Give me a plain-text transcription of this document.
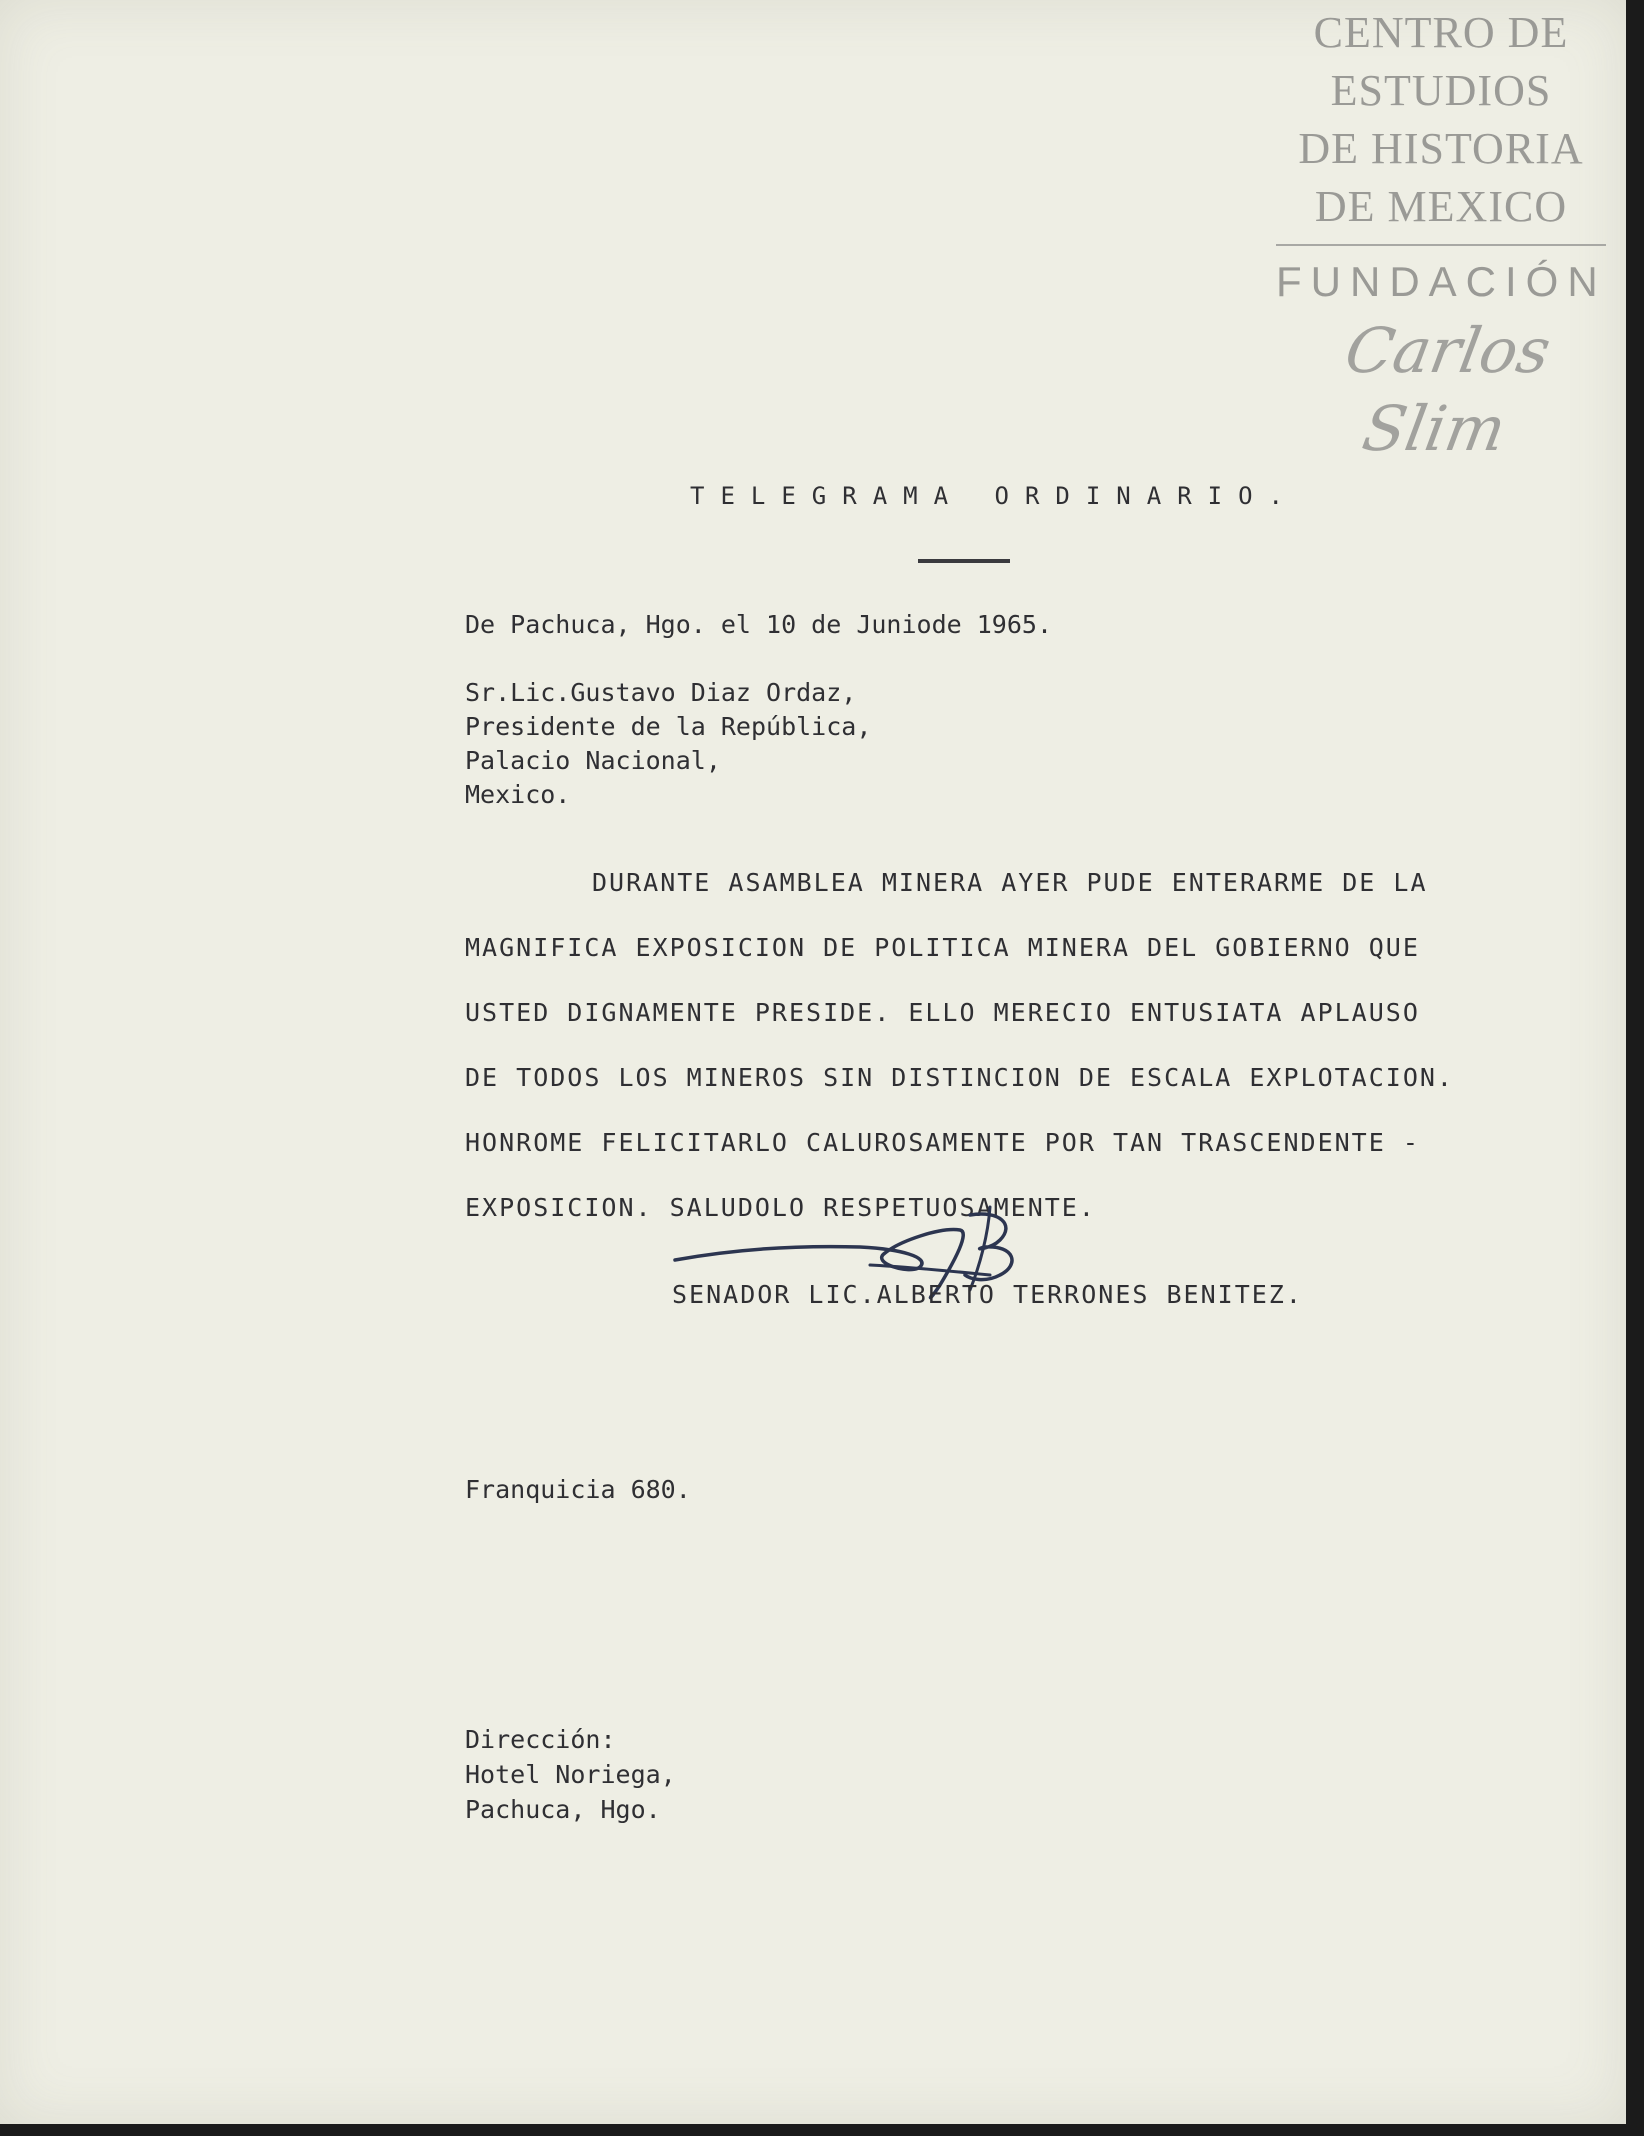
CENTRO DE
ESTUDIOS
DE HISTORIA
DE MEXICO
FUNDACIÓN
Carlos Slim
TELEGRAMA ORDINARIO.
De Pachuca, Hgo. el 10 de Juniode 1965.
Sr.Lic.Gustavo Diaz Ordaz,
Presidente de la República,
Palacio Nacional,
Mexico.
DURANTE ASAMBLEA MINERA AYER PUDE ENTERARME DE LA
MAGNIFICA EXPOSICION DE POLITICA MINERA DEL GOBIERNO QUE
USTED DIGNAMENTE PRESIDE. ELLO MERECIO ENTUSIATA APLAUSO
DE TODOS LOS MINEROS SIN DISTINCION DE ESCALA EXPLOTACION.
HONROME FELICITARLO CALUROSAMENTE POR TAN TRASCENDENTE -
EXPOSICION. SALUDOLO RESPETUOSAMENTE.
SENADOR LIC.ALBERTO TERRONES BENITEZ.
Franquicia 680.
Dirección:
Hotel Noriega,
Pachuca, Hgo.
